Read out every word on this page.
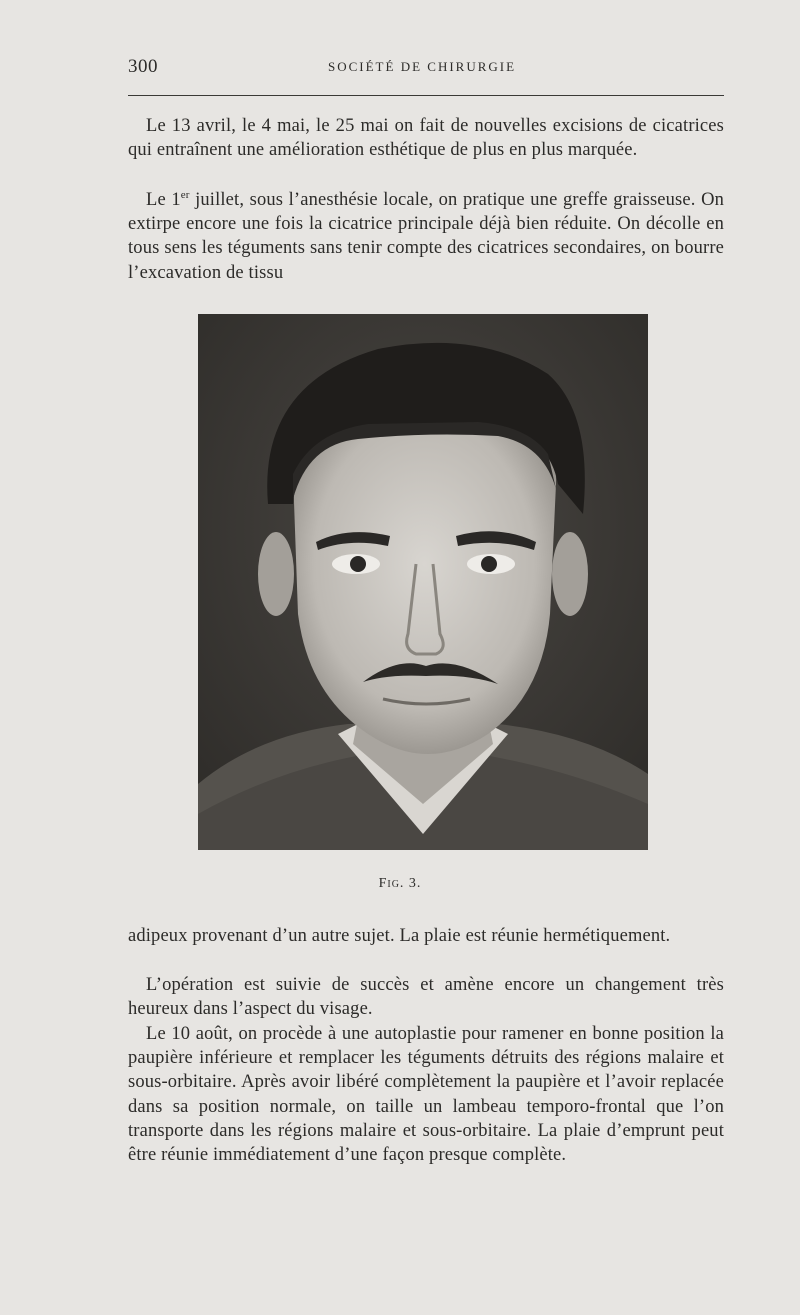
300	SOCIÉTÉ DE CHIRURGIE

Le 13 avril, le 4 mai, le 25 mai on fait de nouvelles excisions de cicatrices qui entraînent une amélioration esthétique de plus en plus marquée.

Le 1er juillet, sous l’anesthésie locale, on pratique une greffe graisseuse. On extirpe encore une fois la cicatrice principale déjà bien réduite. On décolle en tous sens les téguments sans tenir compte des cicatrices secondaires, on bourre l’excavation de tissu

Fig. 3.

adipeux provenant d’un autre sujet. La plaie est réunie hermétiquement.

L’opération est suivie de succès et amène encore un changement très heureux dans l’aspect du visage.

Le 10 août, on procède à une autoplastie pour ramener en bonne position la paupière inférieure et remplacer les téguments détruits des régions malaire et sous-orbitaire. Après avoir libéré complètement la paupière et l’avoir replacée dans sa position normale, on taille un lambeau temporo-frontal que l’on transporte dans les régions malaire et sous-orbitaire. La plaie d’emprunt peut être réunie immédiatement d’une façon presque complète.
